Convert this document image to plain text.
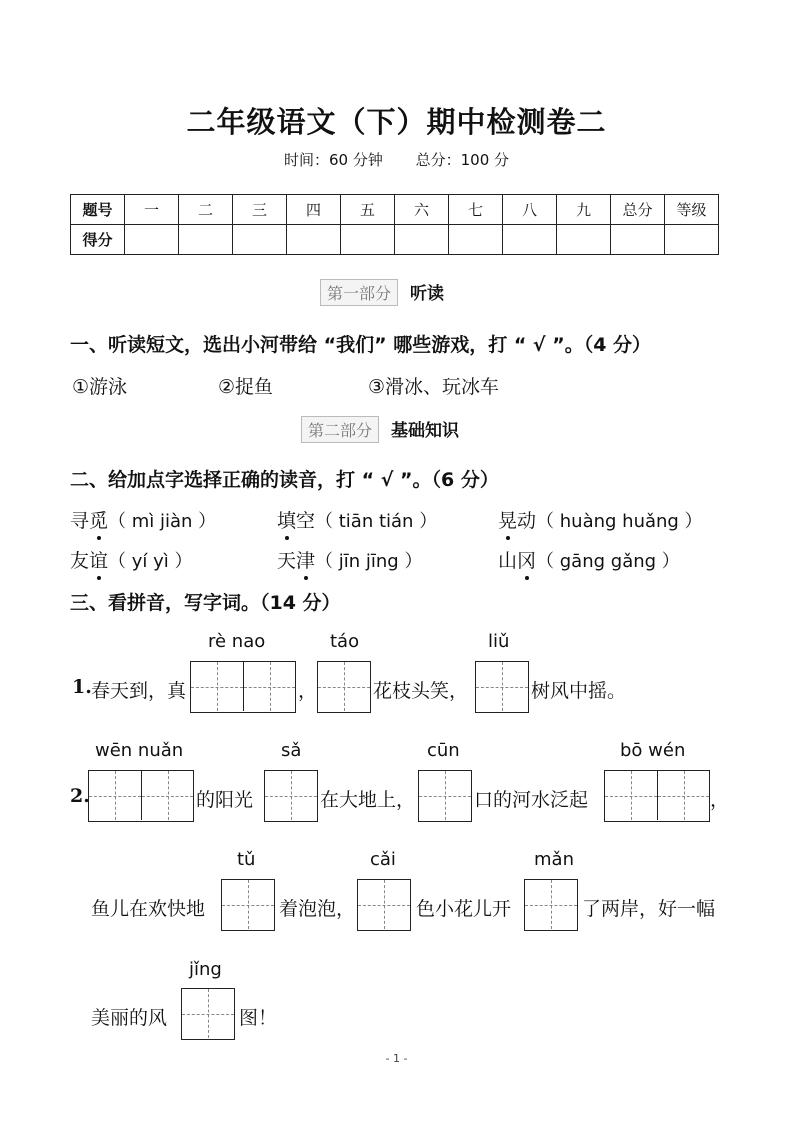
二年级语文（下）期中检测卷二
时间：60 分钟 总分：100 分
题号	一	二	三	四	五	六	七	八	九	总分	等级
得分											
第一部分 听读
一、听读短文，选出小河带给 “我们” 哪些游戏，打 “ √ ”。（4 分）
①游泳	②捉鱼	③滑冰、玩冰车
第二部分 基础知识
二、给加点字选择正确的读音，打 “ √ ”。（6 分）
寻觅（ mì jiàn ）	填空（ tiān tián ）	晃动（ huàng huǎng ）
友谊（ yí yì ）	天津（ jīn jīng ）	山冈（ gāng gǎng ）
三、看拼音，写字词。（14 分）
rè nao	táo	liǔ
1. 春天到，真	，	花枝头笑，	树风中摇。
wēn nuǎn	sǎ	cūn	bō wén
2.	的阳光	在大地上，	口的河水泛起	，
tǔ	cǎi	mǎn
鱼儿在欢快地	着泡泡，	色小花儿开	了两岸，好一幅
jǐng
美丽的风	图！
- 1 -
